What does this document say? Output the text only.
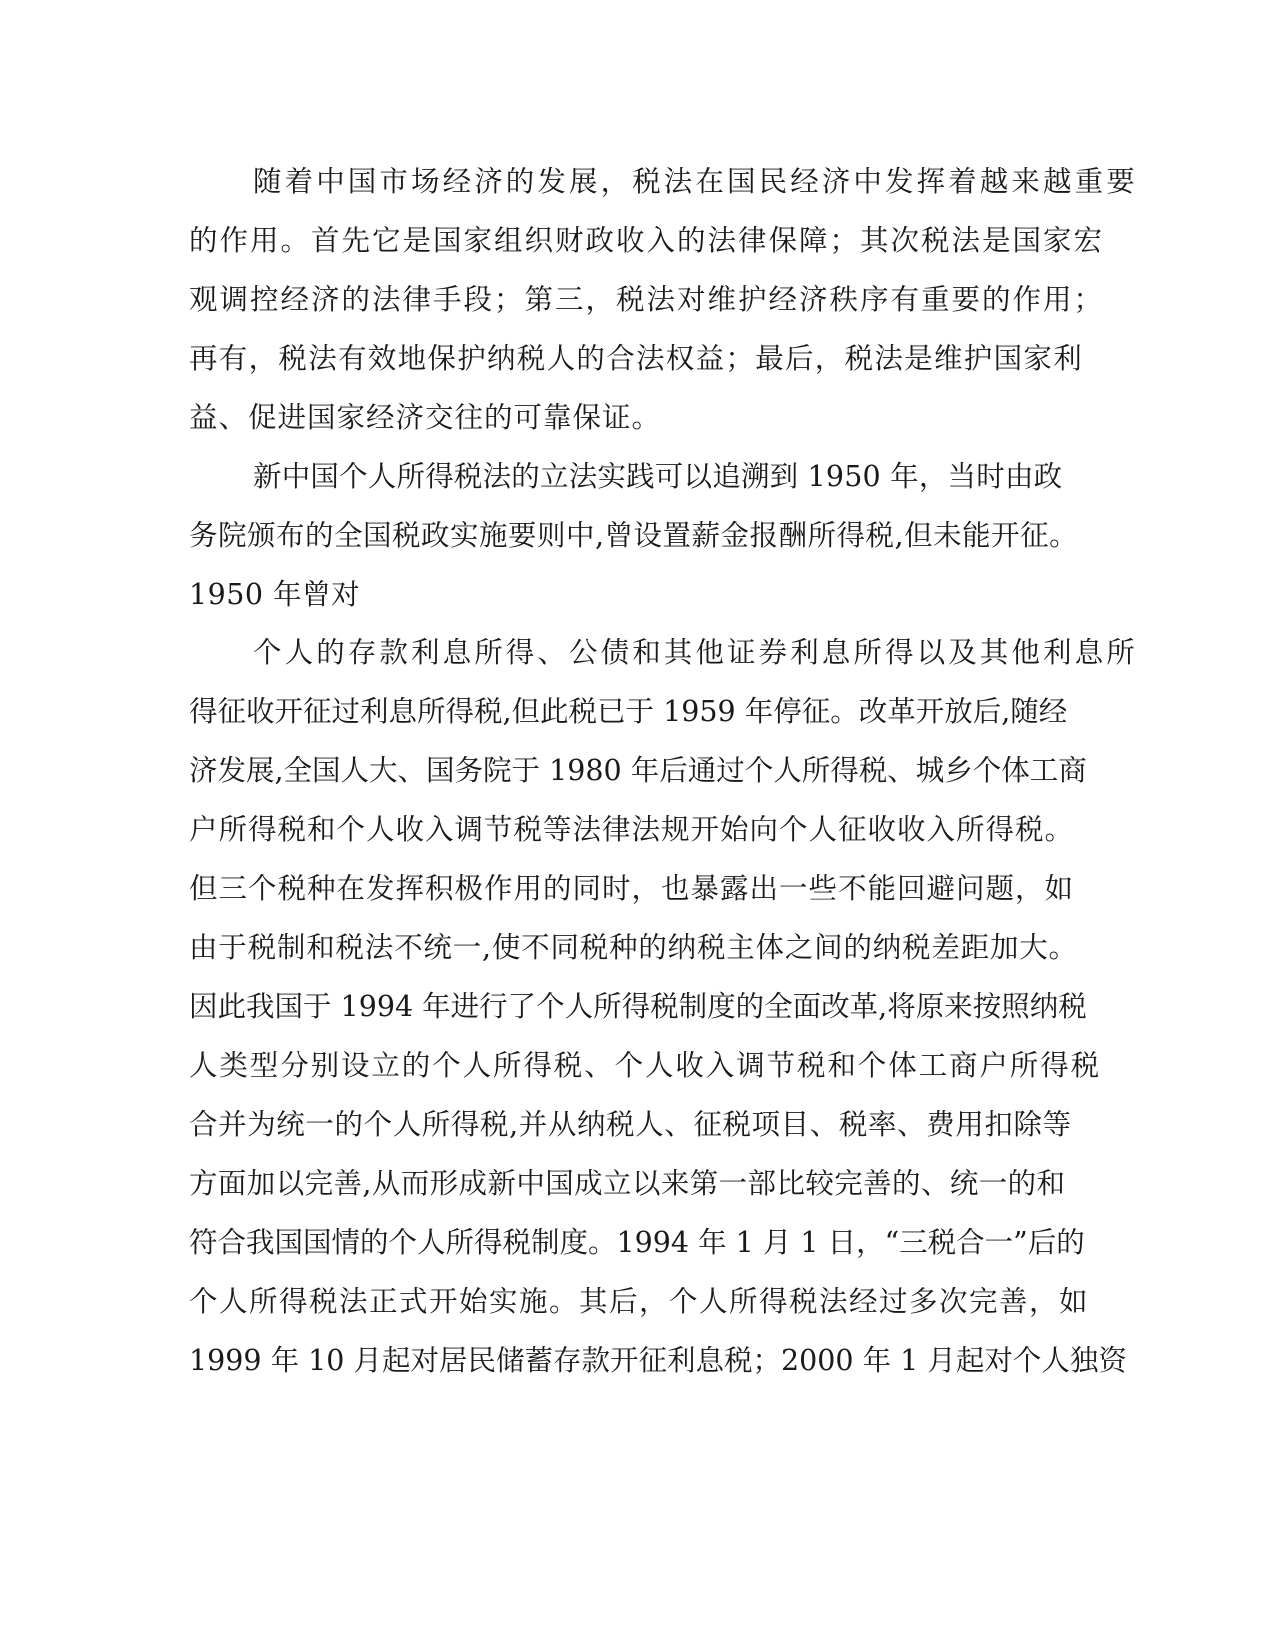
随着中国市场经济的发展，税法在国民经济中发挥着越来越重要
的作用。首先它是国家组织财政收入的法律保障；其次税法是国家宏
观调控经济的法律手段；第三，税法对维护经济秩序有重要的作用；
再有，税法有效地保护纳税人的合法权益；最后，税法是维护国家利
益、促进国家经济交往的可靠保证。
新中国个人所得税法的立法实践可以追溯到 1950 年，当时由政
务院颁布的全国税政实施要则中,曾设置薪金报酬所得税,但未能开征。
1950 年曾对
个人的存款利息所得、公债和其他证券利息所得以及其他利息所
得征收开征过利息所得税,但此税已于 1959 年停征。改革开放后,随经
济发展,全国人大、国务院于 1980 年后通过个人所得税、城乡个体工商
户所得税和个人收入调节税等法律法规开始向个人征收收入所得税。
但三个税种在发挥积极作用的同时，也暴露出一些不能回避问题，如
由于税制和税法不统一,使不同税种的纳税主体之间的纳税差距加大。
因此我国于 1994 年进行了个人所得税制度的全面改革,将原来按照纳税
人类型分别设立的个人所得税、个人收入调节税和个体工商户所得税
合并为统一的个人所得税,并从纳税人、征税项目、税率、费用扣除等
方面加以完善,从而形成新中国成立以来第一部比较完善的、统一的和
符合我国国情的个人所得税制度。1994 年 1 月 1 日，“三税合一”后的
个人所得税法正式开始实施。其后，个人所得税法经过多次完善，如
1999 年 10 月起对居民储蓄存款开征利息税；2000 年 1 月起对个人独资
